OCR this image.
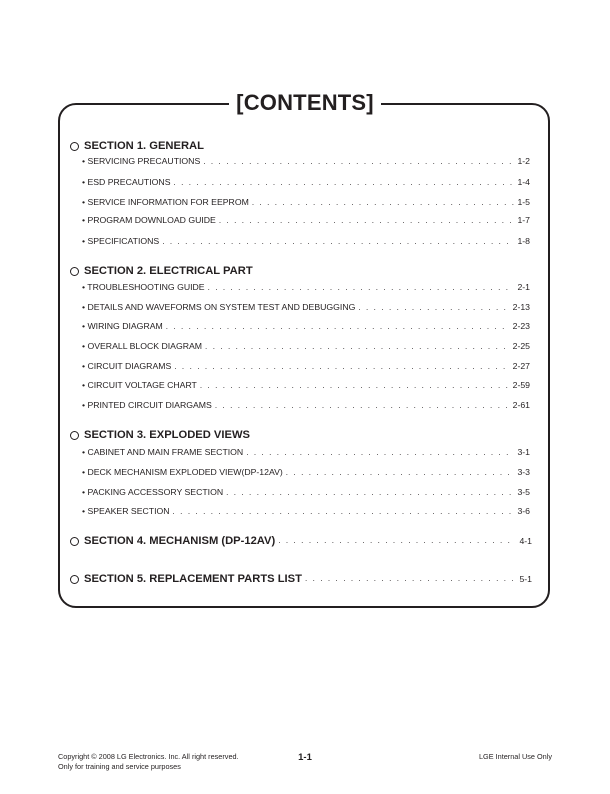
[CONTENTS]
SECTION 1. GENERAL
• SERVICING PRECAUTIONS . . .	1-2
• ESD PRECAUTIONS . . .	1-4
• SERVICE INFORMATION FOR EEPROM . . .	1-5
• PROGRAM DOWNLOAD GUIDE . . .	1-7
• SPECIFICATIONS . . .	1-8
SECTION 2. ELECTRICAL PART
• TROUBLESHOOTING GUIDE . . .	2-1
• DETAILS AND WAVEFORMS ON SYSTEM TEST AND DEBUGGING . . .	2-13
• WIRING DIAGRAM . . .	2-23
• OVERALL BLOCK DIAGRAM . . .	2-25
• CIRCUIT DIAGRAMS . . .	2-27
• CIRCUIT VOLTAGE CHART . . .	2-59
• PRINTED CIRCUIT DIARGAMS . . .	2-61
SECTION 3. EXPLODED VIEWS
• CABINET AND MAIN FRAME SECTION . . .	3-1
• DECK MECHANISM EXPLODED VIEW(DP-12AV) . . .	3-3
• PACKING ACCESSORY SECTION . . .	3-5
• SPEAKER SECTION . . .	3-6
SECTION 4. MECHANISM (DP-12AV) . . .	4-1
SECTION 5. REPLACEMENT PARTS LIST . . .	5-1
Copyright © 2008 LG Electronics. Inc. All right reserved.
Only for training and service purposes
1-1	LGE Internal Use Only
